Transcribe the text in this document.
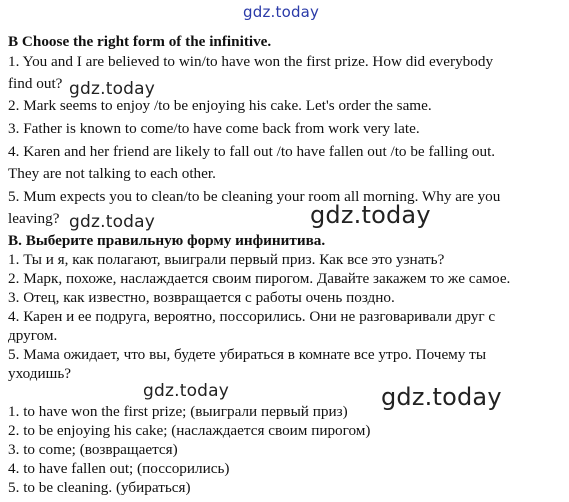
gdz.today
gdz.today
gdz.today	gdz.today
gdz.today	gdz.today
B Choose the right form of the infinitive.
1. You and I are believed to win/to have won the first prize. How did everybody
find out?
2. Mark seems to enjoy /to be enjoying his cake. Let's order the same.
3. Father is known to come/to have come back from work very late.
4. Karen and her friend are likely to fall out /to have fallen out /to be falling out.
They are not talking to each other.
5. Mum expects you to clean/to be cleaning your room all morning. Why are you
leaving?
В. Выберите правильную форму инфинитива.
1. Ты и я, как полагают, выиграли первый приз. Как все это узнать?
2. Марк, похоже, наслаждается своим пирогом. Давайте закажем то же самое.
3. Отец, как известно, возвращается с работы очень поздно.
4. Карен и ее подруга, вероятно, поссорились. Они не разговаривали друг с
другом.
5. Мама ожидает, что вы, будете убираться в комнате все утро. Почему ты
уходишь?
1. to have won the first prize; (выиграли первый приз)
2. to be enjoying his cake; (наслаждается своим пирогом)
3. to come; (возвращается)
4. to have fallen out; (поссорились)
5. to be cleaning. (убираться)
